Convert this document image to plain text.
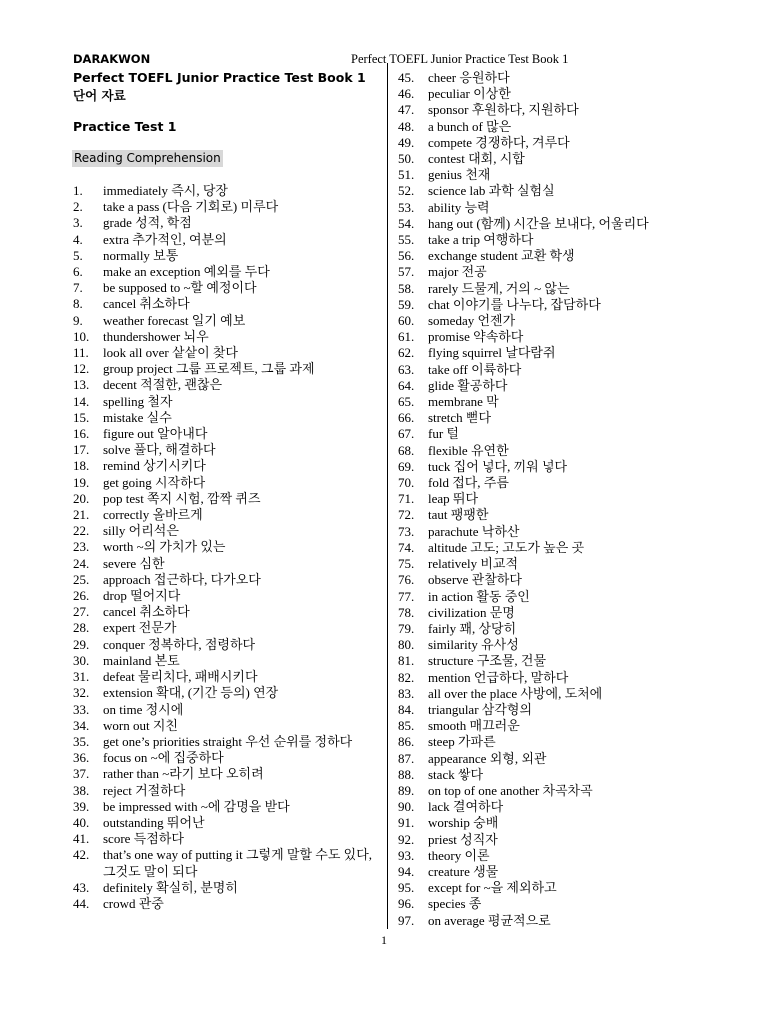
DARAKWON	Perfect TOEFL Junior Practice Test Book 1
Perfect TOEFL Junior Practice Test Book 1
단어 자료
Practice Test 1
Reading Comprehension
1.	immediately 즉시, 당장
2.	take a pass (다음 기회로) 미루다
3.	grade 성적, 학점
4.	extra 추가적인, 여분의
5.	normally 보통
6.	make an exception 예외를 두다
7.	be supposed to ~할 예정이다
8.	cancel 취소하다
9.	weather forecast 일기 예보
10.	thundershower 뇌우
11.	look all over 샅샅이 찾다
12.	group project 그룹 프로젝트, 그룹 과제
13.	decent 적절한, 괜찮은
14.	spelling 철자
15.	mistake 실수
16.	figure out 알아내다
17.	solve 풀다, 해결하다
18.	remind 상기시키다
19.	get going 시작하다
20.	pop test 쪽지 시험, 깜짝 퀴즈
21.	correctly 올바르게
22.	silly 어리석은
23.	worth ~의 가치가 있는
24.	severe 심한
25.	approach 접근하다, 다가오다
26.	drop 떨어지다
27.	cancel 취소하다
28.	expert 전문가
29.	conquer 정복하다, 점령하다
30.	mainland 본토
31.	defeat 물리치다, 패배시키다
32.	extension 확대, (기간 등의) 연장
33.	on time 정시에
34.	worn out 지친
35.	get one’s priorities straight 우선 순위를 정하다
36.	focus on ~에 집중하다
37.	rather than ~라기 보다 오히려
38.	reject 거절하다
39.	be impressed with ~에 감명을 받다
40.	outstanding 뛰어난
41.	score 득점하다
42.	that’s one way of putting it 그렇게 말할 수도 있다, 그것도 말이 되다
43.	definitely 확실히, 분명히
44.	crowd 관중
45.	cheer 응원하다
46.	peculiar 이상한
47.	sponsor 후원하다, 지원하다
48.	a bunch of 많은
49.	compete 경쟁하다, 겨루다
50.	contest 대회, 시합
51.	genius 천재
52.	science lab 과학 실험실
53.	ability 능력
54.	hang out (함께) 시간을 보내다, 어울리다
55.	take a trip 여행하다
56.	exchange student 교환 학생
57.	major 전공
58.	rarely 드물게, 거의 ~ 않는
59.	chat 이야기를 나누다, 잡담하다
60.	someday 언젠가
61.	promise 약속하다
62.	flying squirrel 날다람쥐
63.	take off 이륙하다
64.	glide 활공하다
65.	membrane 막
66.	stretch 뻗다
67.	fur 털
68.	flexible 유연한
69.	tuck 집어 넣다, 끼워 넣다
70.	fold 접다, 주름
71.	leap 뛰다
72.	taut 팽팽한
73.	parachute 낙하산
74.	altitude 고도; 고도가 높은 곳
75.	relatively 비교적
76.	observe 관찰하다
77.	in action 활동 중인
78.	civilization 문명
79.	fairly 꽤, 상당히
80.	similarity 유사성
81.	structure 구조물, 건물
82.	mention 언급하다, 말하다
83.	all over the place 사방에, 도처에
84.	triangular 삼각형의
85.	smooth 매끄러운
86.	steep 가파른
87.	appearance 외형, 외관
88.	stack 쌓다
89.	on top of one another 차곡차곡
90.	lack 결여하다
91.	worship 숭배
92.	priest 성직자
93.	theory 이론
94.	creature 생물
95.	except for ~을 제외하고
96.	species 종
97.	on average 평균적으로
1
